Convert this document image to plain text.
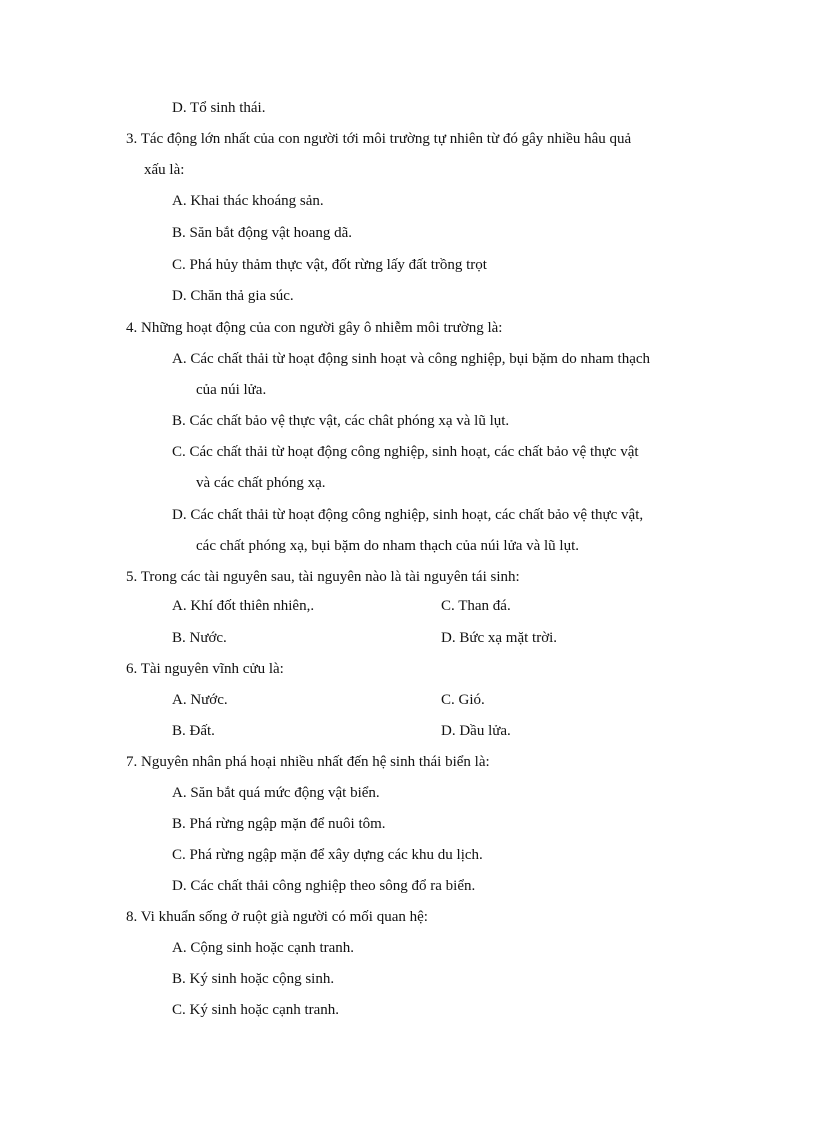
D. Tổ sinh thái.
3. Tác động lớn nhất của con người tới môi trường tự nhiên từ đó gây nhiều hâu quả
xấu là:
A. Khai thác khoáng sản.
B. Săn bắt động vật hoang dã.
C. Phá hủy thảm thực vật, đốt rừng lấy đất trồng trọt
D. Chăn thả gia súc.
4. Những hoạt động của con người gây ô nhiễm môi trường là:
A. Các chất thải từ hoạt động sinh hoạt và công nghiệp, bụi bặm do nham thạch
của núi lửa.
B. Các chất bảo vệ thực vật, các chât phóng xạ và lũ lụt.
C. Các chất thải từ hoạt động công nghiệp, sinh hoạt, các chất bảo vệ thực vật
và các chất phóng xạ.
D. Các chất thải từ hoạt động công nghiệp, sinh hoạt, các chất bảo vệ thực vật,
các chất phóng xạ, bụi bặm do nham thạch của núi lửa và lũ lụt.
5. Trong các tài nguyên sau, tài nguyên nào là tài nguyên tái sinh:
A. Khí đốt thiên nhiên,.	C. Than đá.
B. Nước.	D. Bức xạ mặt trời.
6. Tài nguyên vĩnh cửu là:
A. Nước.	C. Gió.
B. Đất.	D. Dầu lửa.
7. Nguyên nhân phá hoại nhiều nhất đến hệ sinh thái biển là:
A. Săn bắt quá mức động vật biển.
B. Phá rừng ngập mặn để nuôi tôm.
C. Phá rừng ngập mặn để xây dựng các khu du lịch.
D. Các chất thải công nghiệp theo sông đổ ra biển.
8. Vi khuẩn sống ở ruột già người có mối quan hệ:
A. Cộng sinh hoặc cạnh tranh.
B. Ký sinh hoặc cộng sinh.
C. Ký sinh hoặc cạnh tranh.
